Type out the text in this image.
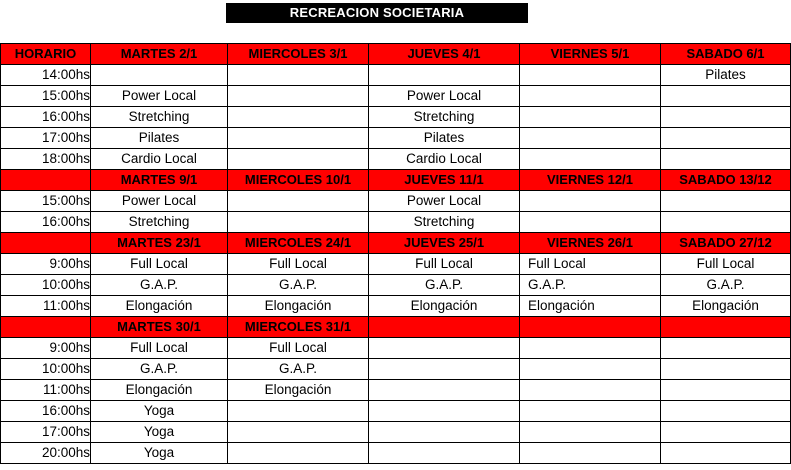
RECREACION SOCIETARIA
HORARIO	MARTES 2/1	MIERCOLES 3/1	JUEVES 4/1	VIERNES 5/1	SABADO 6/1
14:00hs					Pilates
15:00hs	Power Local		Power Local		
16:00hs	Stretching		Stretching		
17:00hs	Pilates		Pilates		
18:00hs	Cardio Local		Cardio Local		
	MARTES 9/1	MIERCOLES 10/1	JUEVES 11/1	VIERNES 12/1	SABADO 13/12
15:00hs	Power Local		Power Local		
16:00hs	Stretching		Stretching		
	MARTES 23/1	MIERCOLES 24/1	JUEVES 25/1	VIERNES 26/1	SABADO 27/12
9:00hs	Full Local	Full Local	Full Local	Full Local	Full Local
10:00hs	G.A.P.	G.A.P.	G.A.P.	G.A.P.	G.A.P.
11:00hs	Elongación	Elongación	Elongación	Elongación	Elongación
	MARTES 30/1	MIERCOLES 31/1			
9:00hs	Full Local	Full Local			
10:00hs	G.A.P.	G.A.P.			
11:00hs	Elongación	Elongación			
16:00hs	Yoga				
17:00hs	Yoga				
20:00hs	Yoga				
